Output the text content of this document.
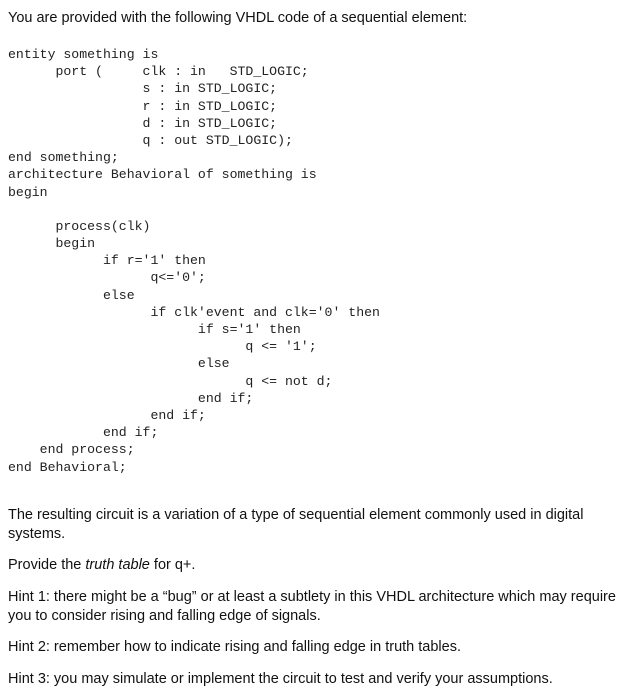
You are provided with the following VHDL code of a sequential element:

entity something is
port (     clk : in   STD_LOGIC;
s : in STD_LOGIC;
r : in STD_LOGIC;
d : in STD_LOGIC;
q : out STD_LOGIC);
end something;
architecture Behavioral of something is
begin
process(clk)
begin
if r='1' then
q<='0';
else
if clk'event and clk='0' then
if s='1' then
q <= '1';
else
q <= not d;
end if;
end if;
end if;
end process;
end Behavioral;

The resulting circuit is a variation of a type of sequential element commonly used in digital systems.

Provide the truth table for q+.

Hint 1: there might be a “bug” or at least a subtlety in this VHDL architecture which may require you to consider rising and falling edge of signals.

Hint 2: remember how to indicate rising and falling edge in truth tables.

Hint 3: you may simulate or implement the circuit to test and verify your assumptions.
